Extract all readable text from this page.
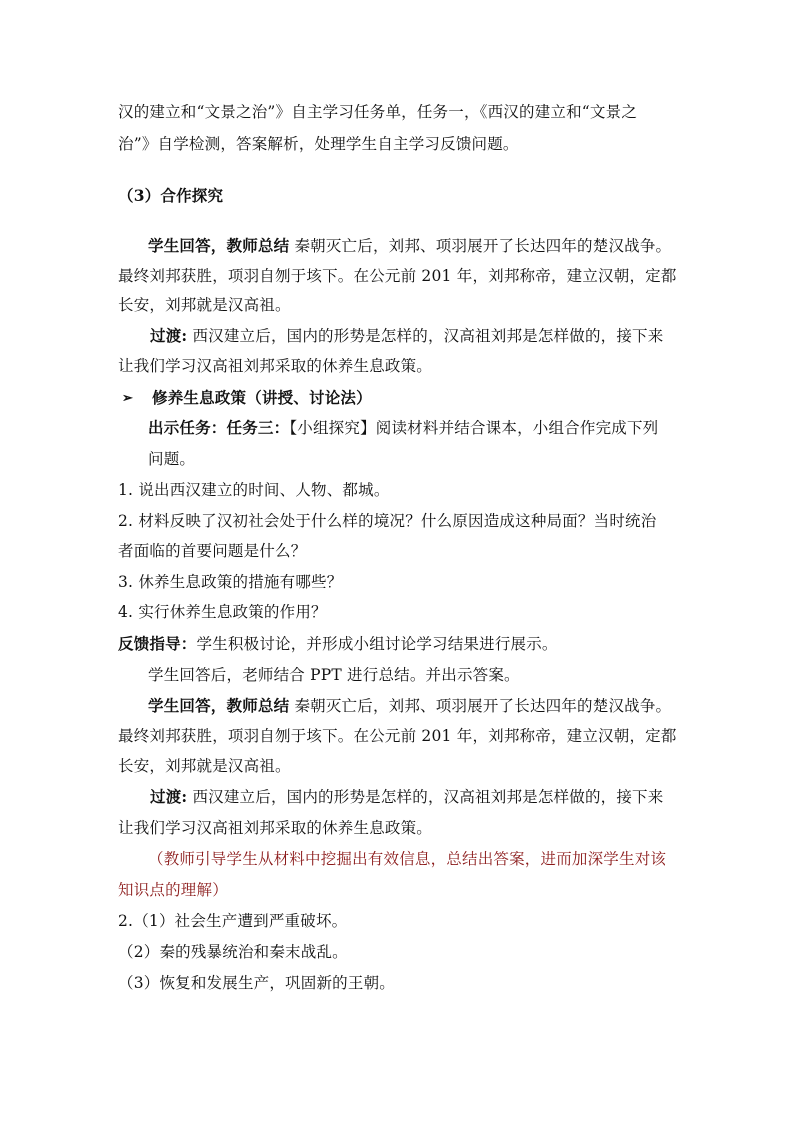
汉的建立和“文景之治”》自主学习任务单，任务一，《西汉的建立和“文景之
治”》自学检测，答案解析，处理学生自主学习反馈问题。
（3）合作探究
学生回答，教师总结 秦朝灭亡后，刘邦、项羽展开了长达四年的楚汉战争。
最终刘邦获胜，项羽自刎于垓下。在公元前 201 年，刘邦称帝，建立汉朝，定都
长安，刘邦就是汉高祖。
过渡: 西汉建立后，国内的形势是怎样的，汉高祖刘邦是怎样做的，接下来
让我们学习汉高祖刘邦采取的休养生息政策。
➢ 修养生息政策（讲授、讨论法）
出示任务：任务三：【小组探究】阅读材料并结合课本，小组合作完成下列
问题。
1. 说出西汉建立的时间、人物、都城。
2. 材料反映了汉初社会处于什么样的境况？什么原因造成这种局面？当时统治
者面临的首要问题是什么？
3. 休养生息政策的措施有哪些？
4. 实行休养生息政策的作用？
反馈指导：学生积极讨论，并形成小组讨论学习结果进行展示。
学生回答后，老师结合 PPT 进行总结。并出示答案。
学生回答，教师总结 秦朝灭亡后，刘邦、项羽展开了长达四年的楚汉战争。
最终刘邦获胜，项羽自刎于垓下。在公元前 201 年，刘邦称帝，建立汉朝，定都
长安，刘邦就是汉高祖。
过渡: 西汉建立后，国内的形势是怎样的，汉高祖刘邦是怎样做的，接下来
让我们学习汉高祖刘邦采取的休养生息政策。
（教师引导学生从材料中挖掘出有效信息，总结出答案，进而加深学生对该
知识点的理解）
2.（1）社会生产遭到严重破坏。
（2）秦的残暴统治和秦末战乱。
（3）恢复和发展生产，巩固新的王朝。
